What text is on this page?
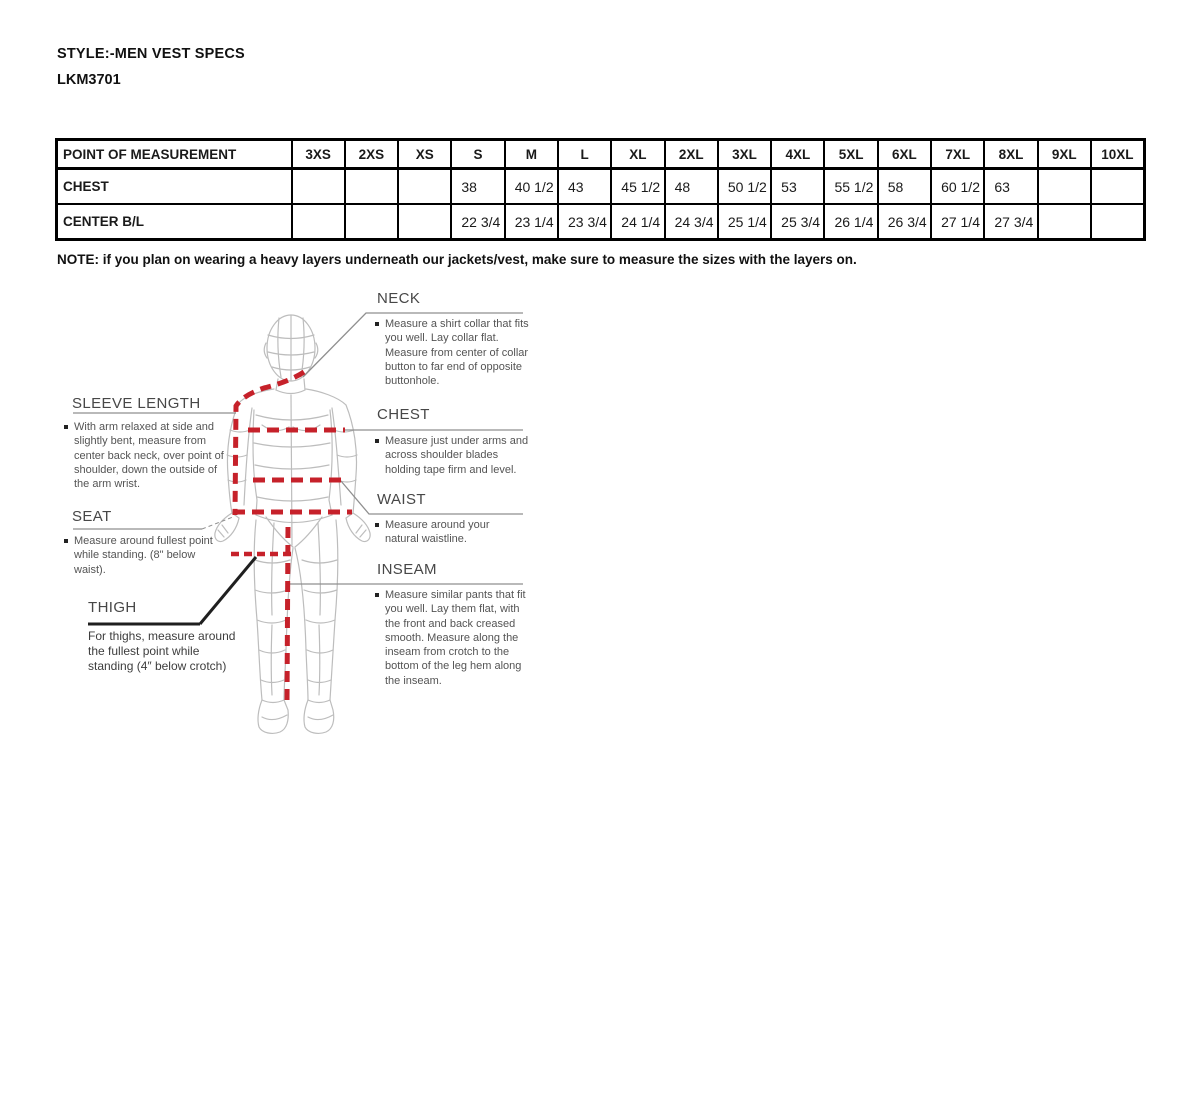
STYLE:-MEN VEST SPECS
LKM3701
POINT OF MEASUREMENT	3XS	2XS	XS	S	M	L	XL	2XL	3XL	4XL	5XL	6XL	7XL	8XL	9XL	10XL
CHEST				38	40 1/2	43	45 1/2	48	50 1/2	53	55 1/2	58	60 1/2	63		
CENTER B/L				22 3/4	23 1/4	23 3/4	24 1/4	24 3/4	25 1/4	25 3/4	26 1/4	26 3/4	27 1/4	27 3/4		
NOTE: if you plan on wearing a heavy layers underneath our jackets/vest, make sure to measure the sizes with the layers on.
NECK
Measure a shirt collar that fits you well. Lay collar flat. Measure from center of collar button to far end of opposite buttonhole.
CHEST
Measure just under arms and across shoulder blades holding tape firm and level.
WAIST
Measure around your natural waistline.
INSEAM
Measure similar pants that fit you well. Lay them flat, with the front and back creased smooth. Measure along the inseam from crotch to the bottom of the leg hem along the inseam.
SLEEVE LENGTH
With arm relaxed at side and slightly bent, measure from center back neck, over point of shoulder, down the outside of the arm wrist.
SEAT
Measure around fullest point while standing. (8" below waist).
THIGH
For thighs, measure around the fullest point while standing (4″ below crotch)
